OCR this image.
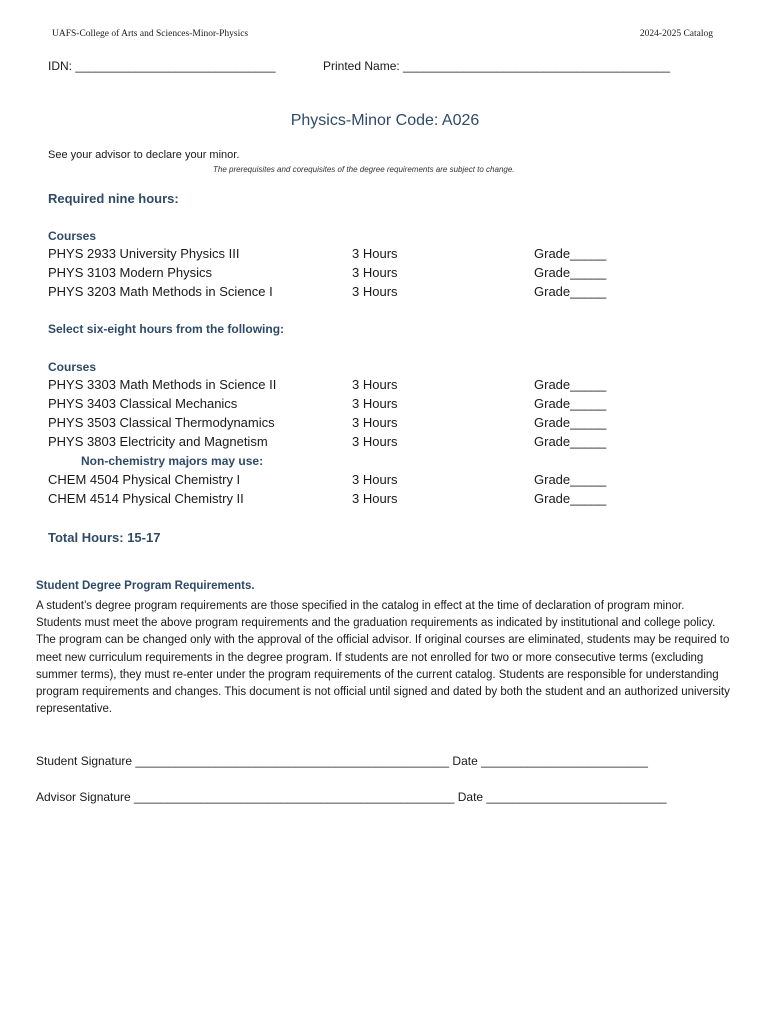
UAFS-College of Arts and Sciences-Minor-Physics	2024-2025 Catalog
IDN: ______________________________	Printed Name: ________________________________________
Physics-Minor Code: A026
See your advisor to declare your minor.
The prerequisites and corequisites of the degree requirements are subject to change.
Required nine hours:
Courses
PHYS 2933 University Physics III	3 Hours	Grade_____
PHYS 3103 Modern Physics	3 Hours	Grade_____
PHYS 3203 Math Methods in Science I	3 Hours	Grade_____
Select six-eight hours from the following:
Courses
PHYS 3303 Math Methods in Science II	3 Hours	Grade_____
PHYS 3403 Classical Mechanics	3 Hours	Grade_____
PHYS 3503 Classical Thermodynamics	3 Hours	Grade_____
PHYS 3803 Electricity and Magnetism	3 Hours	Grade_____
Non-chemistry majors may use:
CHEM 4504 Physical Chemistry I	3 Hours	Grade_____
CHEM 4514 Physical Chemistry II	3 Hours	Grade_____
Total Hours: 15-17
Student Degree Program Requirements.
A student’s degree program requirements are those specified in the catalog in effect at the time of declaration of program minor. Students must meet the above program requirements and the graduation requirements as indicated by institutional and college policy. The program can be changed only with the approval of the official advisor. If original courses are eliminated, students may be required to meet new curriculum requirements in the degree program. If students are not enrolled for two or more consecutive terms (excluding summer terms), they must re-enter under the program requirements of the current catalog. Students are responsible for understanding program requirements and changes. This document is not official until signed and dated by both the student and an authorized university representative.
Student Signature _______________________________________________ Date _________________________
Advisor Signature ________________________________________________ Date ___________________________
